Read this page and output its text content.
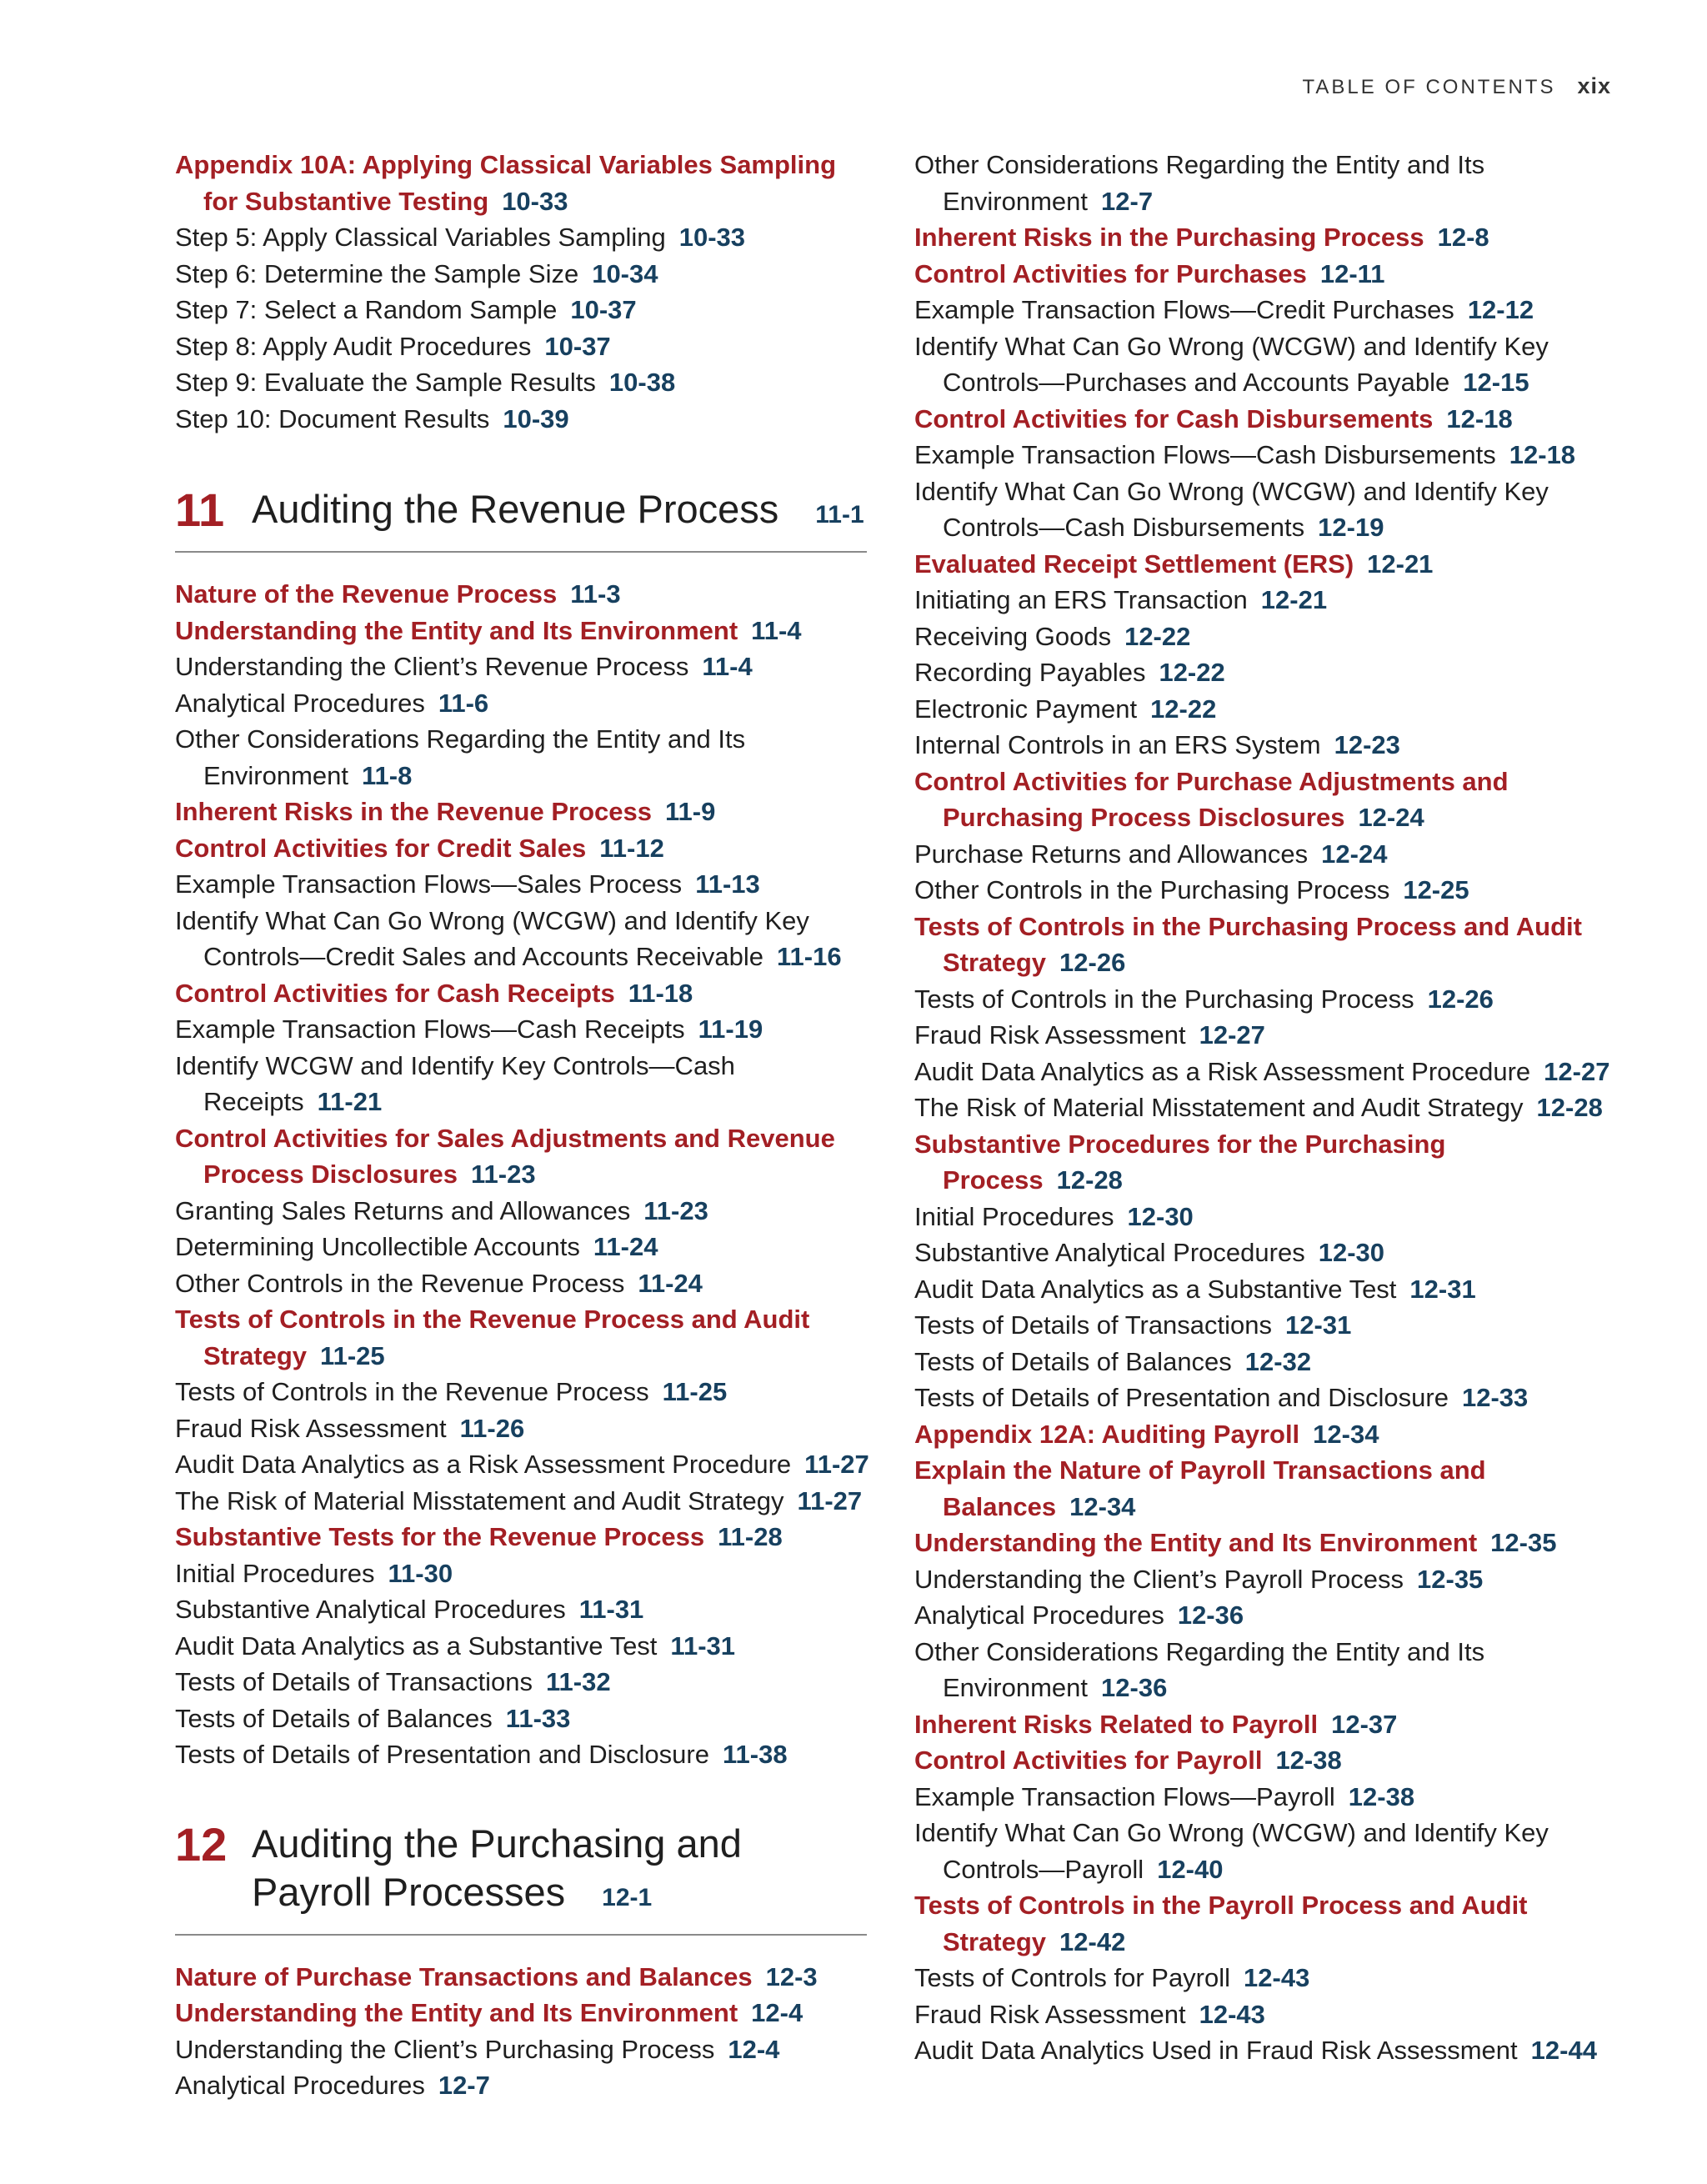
TABLE OF CONTENTS xix
Appendix 10A: Applying Classical Variables Sampling for Substantive Testing 10-33
Step 5: Apply Classical Variables Sampling 10-33
Step 6: Determine the Sample Size 10-34
Step 7: Select a Random Sample 10-37
Step 8: Apply Audit Procedures 10-37
Step 9: Evaluate the Sample Results 10-38
Step 10: Document Results 10-39
11 Auditing the Revenue Process 11-1
Nature of the Revenue Process 11-3
Understanding the Entity and Its Environment 11-4
Understanding the Client’s Revenue Process 11-4
Analytical Procedures 11-6
Other Considerations Regarding the Entity and Its Environment 11-8
Inherent Risks in the Revenue Process 11-9
Control Activities for Credit Sales 11-12
Example Transaction Flows—Sales Process 11-13
Identify What Can Go Wrong (WCGW) and Identify Key Controls—Credit Sales and Accounts Receivable 11-16
Control Activities for Cash Receipts 11-18
Example Transaction Flows—Cash Receipts 11-19
Identify WCGW and Identify Key Controls—Cash Receipts 11-21
Control Activities for Sales Adjustments and Revenue Process Disclosures 11-23
Granting Sales Returns and Allowances 11-23
Determining Uncollectible Accounts 11-24
Other Controls in the Revenue Process 11-24
Tests of Controls in the Revenue Process and Audit Strategy 11-25
Tests of Controls in the Revenue Process 11-25
Fraud Risk Assessment 11-26
Audit Data Analytics as a Risk Assessment Procedure 11-27
The Risk of Material Misstatement and Audit Strategy 11-27
Substantive Tests for the Revenue Process 11-28
Initial Procedures 11-30
Substantive Analytical Procedures 11-31
Audit Data Analytics as a Substantive Test 11-31
Tests of Details of Transactions 11-32
Tests of Details of Balances 11-33
Tests of Details of Presentation and Disclosure 11-38
12 Auditing the Purchasing and
Payroll Processes 12-1
Nature of Purchase Transactions and Balances 12-3
Understanding the Entity and Its Environment 12-4
Understanding the Client’s Purchasing Process 12-4
Analytical Procedures 12-7
Other Considerations Regarding the Entity and Its Environment 12-7
Inherent Risks in the Purchasing Process 12-8
Control Activities for Purchases 12-11
Example Transaction Flows—Credit Purchases 12-12
Identify What Can Go Wrong (WCGW) and Identify Key Controls—Purchases and Accounts Payable 12-15
Control Activities for Cash Disbursements 12-18
Example Transaction Flows—Cash Disbursements 12-18
Identify What Can Go Wrong (WCGW) and Identify Key Controls—Cash Disbursements 12-19
Evaluated Receipt Settlement (ERS) 12-21
Initiating an ERS Transaction 12-21
Receiving Goods 12-22
Recording Payables 12-22
Electronic Payment 12-22
Internal Controls in an ERS System 12-23
Control Activities for Purchase Adjustments and Purchasing Process Disclosures 12-24
Purchase Returns and Allowances 12-24
Other Controls in the Purchasing Process 12-25
Tests of Controls in the Purchasing Process and Audit Strategy 12-26
Tests of Controls in the Purchasing Process 12-26
Fraud Risk Assessment 12-27
Audit Data Analytics as a Risk Assessment Procedure 12-27
The Risk of Material Misstatement and Audit Strategy 12-28
Substantive Procedures for the Purchasing Process 12-28
Initial Procedures 12-30
Substantive Analytical Procedures 12-30
Audit Data Analytics as a Substantive Test 12-31
Tests of Details of Transactions 12-31
Tests of Details of Balances 12-32
Tests of Details of Presentation and Disclosure 12-33
Appendix 12A: Auditing Payroll 12-34
Explain the Nature of Payroll Transactions and Balances 12-34
Understanding the Entity and Its Environment 12-35
Understanding the Client’s Payroll Process 12-35
Analytical Procedures 12-36
Other Considerations Regarding the Entity and Its Environment 12-36
Inherent Risks Related to Payroll 12-37
Control Activities for Payroll 12-38
Example Transaction Flows—Payroll 12-38
Identify What Can Go Wrong (WCGW) and Identify Key Controls—Payroll 12-40
Tests of Controls in the Payroll Process and Audit Strategy 12-42
Tests of Controls for Payroll 12-43
Fraud Risk Assessment 12-43
Audit Data Analytics Used in Fraud Risk Assessment 12-44
